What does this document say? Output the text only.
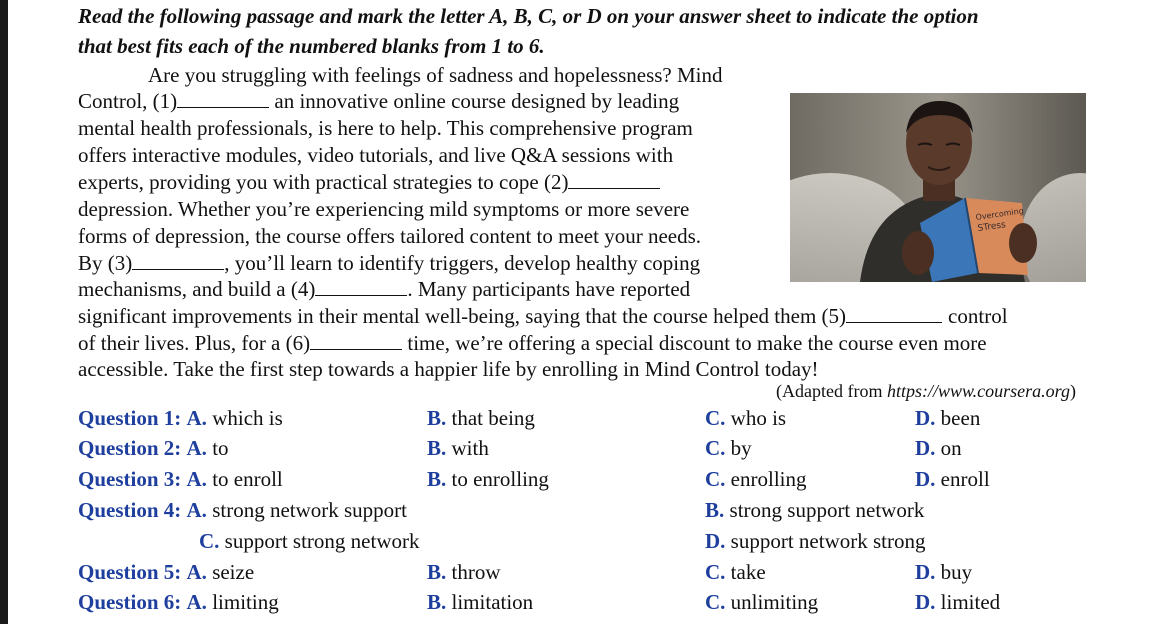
Read the following passage and mark the letter A, B, C, or D on your answer sheet to indicate the option
that best fits each of the numbered blanks from 1 to 6.
Are you struggling with feelings of sadness and hopelessness? Mind
Control, (1)	an innovative online course designed by leading
mental health professionals, is here to help. This comprehensive program
offers interactive modules, video tutorials, and live Q&A sessions with
experts, providing you with practical strategies to cope (2)
depression. Whether you’re experiencing mild symptoms or more severe
forms of depression, the course offers tailored content to meet your needs.
By (3)	, you’ll learn to identify triggers, develop healthy coping
mechanisms, and build a (4)	. Many participants have reported
significant improvements in their mental well-being, saying that the course helped them (5)	control
of their lives. Plus, for a (6)	time, we’re offering a special discount to make the course even more
accessible. Take the first step towards a happier life by enrolling in Mind Control today!
(Adapted from https://www.coursera.org)
Overcoming
STress
Question 1: A. which is	B. that being	C. who is	D. been
Question 2: A. to	B. with	C. by	D. on
Question 3: A. to enroll	B. to enrolling	C. enrolling	D. enroll
Question 4: A. strong network support	B. strong support network
C. support strong network	D. support network strong
Question 5: A. seize	B. throw	C. take	D. buy
Question 6: A. limiting	B. limitation	C. unlimiting	D. limited
